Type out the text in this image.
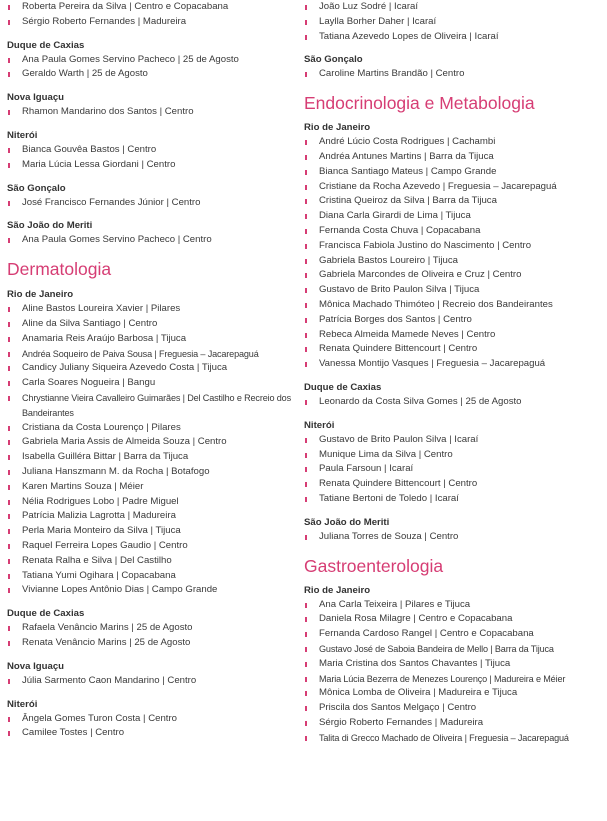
Roberta Pereira da Silva | Centro e Copacabana
Sérgio Roberto Fernandes | Madureira
Duque de Caxias
Ana Paula Gomes Servino Pacheco | 25 de Agosto
Geraldo Warth | 25 de Agosto
Nova Iguaçu
Rhamon Mandarino dos Santos | Centro
Niterói
Bianca Gouvêa Bastos | Centro
Maria Lúcia Lessa Giordani | Centro
São Gonçalo
José Francisco Fernandes Júnior | Centro
São João do Meriti
Ana Paula Gomes Servino Pacheco | Centro
Dermatologia
Rio de Janeiro
Aline Bastos Loureira Xavier | Pilares
Aline da Silva Santiago | Centro
Anamaria Reis Araújo Barbosa | Tijuca
Andréa Soqueiro de Paiva Sousa | Freguesia – Jacarepaguá
Candicy Juliany Siqueira Azevedo Costa | Tijuca
Carla Soares Nogueira | Bangu
Chrystianne Vieira Cavalleiro Guimarães | Del Castilho e Recreio dos Bandeirantes
Cristiana da Costa Lourenço | Pilares
Gabriela Maria Assis de Almeida Souza | Centro
Isabella Guilléra Bittar | Barra da Tijuca
Juliana Hanszmann M. da Rocha | Botafogo
Karen Martins Souza | Méier
Nélia Rodrigues Lobo | Padre Miguel
Patrícia Malizia Lagrotta | Madureira
Perla Maria Monteiro da Silva | Tijuca
Raquel Ferreira Lopes Gaudio | Centro
Renata Ralha e Silva | Del Castilho
Tatiana Yumi Ogihara | Copacabana
Vivianne Lopes Antônio Dias | Campo Grande
Duque de Caxias
Rafaela Venâncio Marins | 25 de Agosto
Renata Venâncio Marins | 25 de Agosto
Nova Iguaçu
Júlia Sarmento Caon Mandarino | Centro
Niterói
Ângela Gomes Turon Costa | Centro
Camilee Tostes | Centro
João Luz Sodré | Icaraí
Laylla Borher Daher | Icaraí
Tatiana Azevedo Lopes de Oliveira | Icaraí
São Gonçalo
Caroline Martins Brandão | Centro
Endocrinologia e Metabologia
Rio de Janeiro
André Lúcio Costa Rodrigues | Cachambi
Andréa Antunes Martins | Barra da Tijuca
Bianca Santiago Mateus | Campo Grande
Cristiane da Rocha Azevedo | Freguesia – Jacarepaguá
Cristina Queiroz da Silva | Barra da Tijuca
Diana Carla Girardi de Lima | Tijuca
Fernanda Costa Chuva | Copacabana
Francisca Fabiola Justino do Nascimento | Centro
Gabriela Bastos Loureiro | Tijuca
Gabriela Marcondes de Oliveira e Cruz | Centro
Gustavo de Brito Paulon Silva | Tijuca
Mônica Machado Thimóteo | Recreio dos Bandeirantes
Patrícia Borges dos Santos | Centro
Rebeca Almeida Mamede Neves | Centro
Renata Quindere Bittencourt | Centro
Vanessa Montijo Vasques | Freguesia – Jacarepaguá
Duque de Caxias
Leonardo da Costa Silva Gomes | 25 de Agosto
Niterói
Gustavo de Brito Paulon Silva | Icaraí
Munique Lima da Silva | Centro
Paula Farsoun | Icaraí
Renata Quindere Bittencourt | Centro
Tatiane Bertoni de Toledo | Icaraí
São João do Meriti
Juliana Torres de Souza | Centro
Gastroenterologia
Rio de Janeiro
Ana Carla Teixeira | Pilares e Tijuca
Daniela Rosa Milagre | Centro e Copacabana
Fernanda Cardoso Rangel | Centro e Copacabana
Gustavo José de Saboia Bandeira de Mello | Barra da Tijuca
Maria Cristina dos Santos Chavantes | Tijuca
Maria Lúcia Bezerra de Menezes Lourenço | Madureira e Méier
Mônica Lomba de Oliveira | Madureira e Tijuca
Priscila dos Santos Melgaço | Centro
Sérgio Roberto Fernandes | Madureira
Talita di Grecco Machado de Oliveira | Freguesia – Jacarepaguá
